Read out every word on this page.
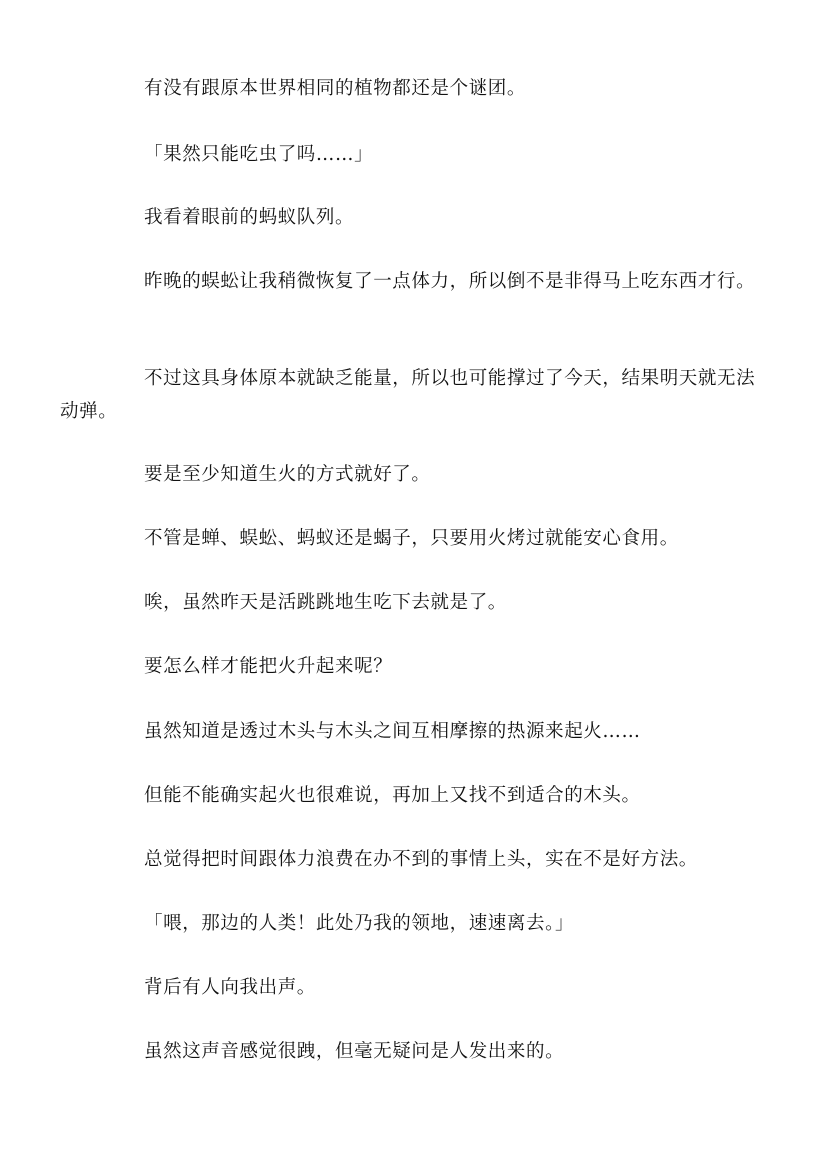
有没有跟原本世界相同的植物都还是个谜团。

「果然只能吃虫了吗……」

我看着眼前的蚂蚁队列。

昨晚的蜈蚣让我稍微恢复了一点体力，所以倒不是非得马上吃东西才行。

不过这具身体原本就缺乏能量，所以也可能撑过了今天，结果明天就无法动弹。

要是至少知道生火的方式就好了。

不管是蝉、蜈蚣、蚂蚁还是蝎子，只要用火烤过就能安心食用。

唉，虽然昨天是活跳跳地生吃下去就是了。

要怎么样才能把火升起来呢？

虽然知道是透过木头与木头之间互相摩擦的热源来起火……

但能不能确实起火也很难说，再加上又找不到适合的木头。

总觉得把时间跟体力浪费在办不到的事情上头，实在不是好方法。

「喂，那边的人类！此处乃我的领地，速速离去。」

背后有人向我出声。

虽然这声音感觉很跩，但毫无疑问是人发出来的。
